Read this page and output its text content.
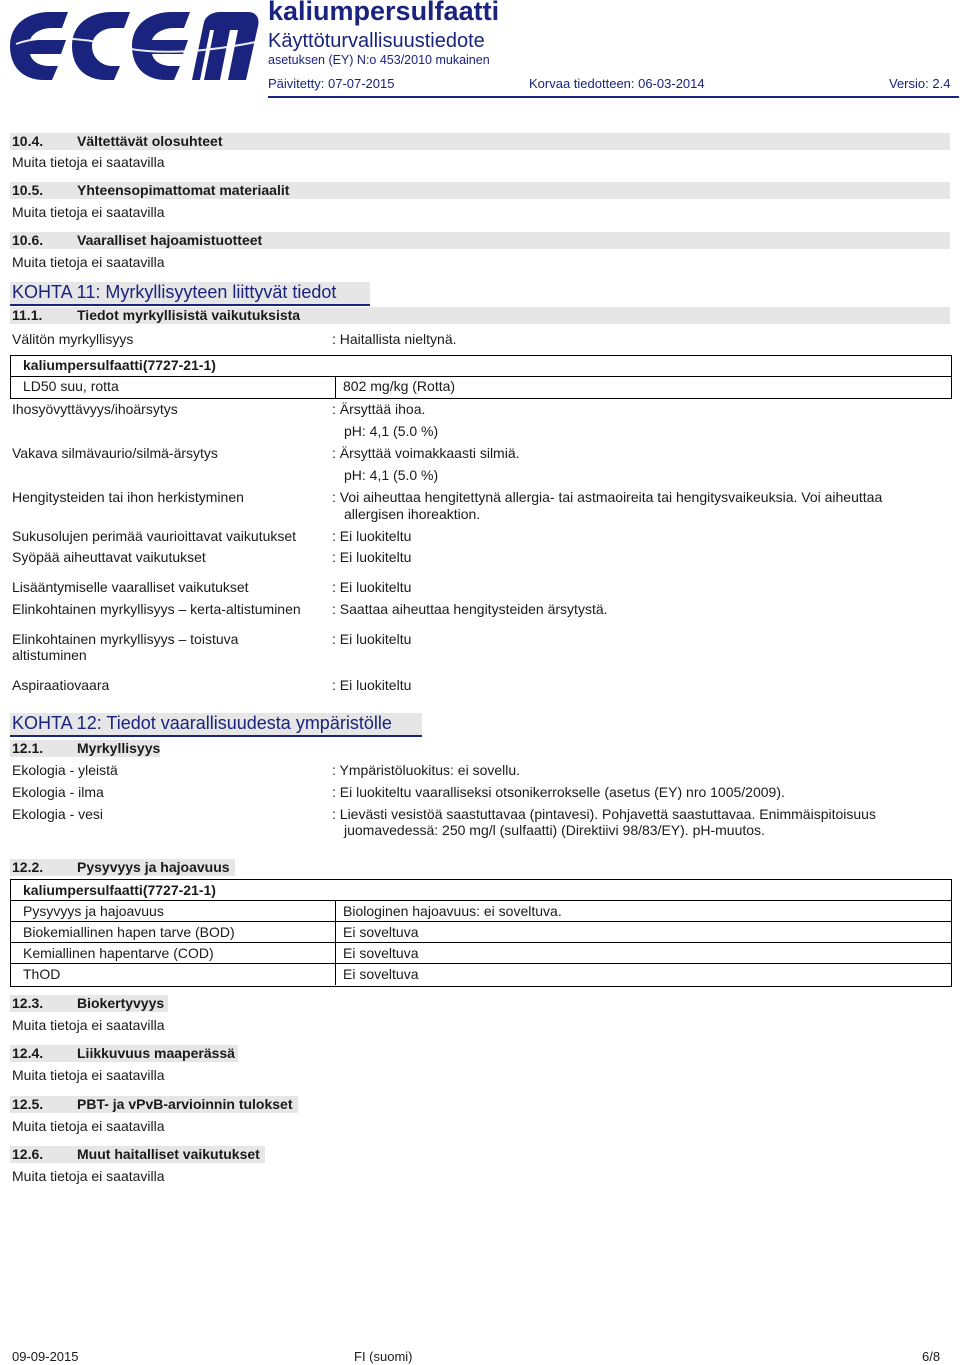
kaliumpersulfaatti
Käyttöturvallisuustiedote
asetuksen (EY) N:o 453/2010 mukainen
Päivitetty: 07-07-2015	Korvaa tiedotteen: 06-03-2014	Versio: 2.4
10.4. Vältettävät olosuhteet
Muita tietoja ei saatavilla
10.5. Yhteensopimattomat materiaalit
Muita tietoja ei saatavilla
10.6. Vaaralliset hajoamistuotteet
Muita tietoja ei saatavilla
KOHTA 11: Myrkyllisyyteen liittyvät tiedot
11.1. Tiedot myrkyllisistä vaikutuksista
Välitön myrkyllisyys	: Haitallista nieltynä.
kaliumpersulfaatti(7727-21-1)
LD50 suu, rotta	802 mg/kg (Rotta)
Ihosyövyttävyys/ihoärsytys	: Ärsyttää ihoa.
pH: 4,1 (5.0 %)
Vakava silmävaurio/silmä-ärsytys	: Ärsyttää voimakkaasti silmiä.
pH: 4,1 (5.0 %)
Hengitysteiden tai ihon herkistyminen	: Voi aiheuttaa hengitettynä allergia- tai astmaoireita tai hengitysvaikeuksia. Voi aiheuttaa
allergisen ihoreaktion.
Sukusolujen perimää vaurioittavat vaikutukset	: Ei luokiteltu
Syöpää aiheuttavat vaikutukset	: Ei luokiteltu
Lisääntymiselle vaaralliset vaikutukset	: Ei luokiteltu
Elinkohtainen myrkyllisyys – kerta-altistuminen : Saattaa aiheuttaa hengitysteiden ärsytystä.
Elinkohtainen myrkyllisyys – toistuva
altistuminen
: Ei luokiteltu
Aspiraatiovaara	: Ei luokiteltu
KOHTA 12: Tiedot vaarallisuudesta ympäristölle
12.1. Myrkyllisyys
Ekologia - yleistä	: Ympäristöluokitus: ei sovellu.
Ekologia - ilma	: Ei luokiteltu vaaralliseksi otsonikerrokselle (asetus (EY) nro 1005/2009).
Ekologia - vesi	: Lievästi vesistöä saastuttavaa (pintavesi). Pohjavettä saastuttavaa. Enimmäispitoisuus
juomavedessä: 250 mg/l (sulfaatti) (Direktiivi 98/83/EY). pH-muutos.
12.2. Pysyvyys ja hajoavuus
kaliumpersulfaatti(7727-21-1)
Pysyvyys ja hajoavuus	Biologinen hajoavuus: ei soveltuva.
Biokemiallinen hapen tarve (BOD)	Ei soveltuva
Kemiallinen hapentarve (COD)	Ei soveltuva
ThOD	Ei soveltuva
12.3. Biokertyvyys
Muita tietoja ei saatavilla
12.4. Liikkuvuus maaperässä
Muita tietoja ei saatavilla
12.5. PBT- ja vPvB-arvioinnin tulokset
Muita tietoja ei saatavilla
12.6. Muut haitalliset vaikutukset
Muita tietoja ei saatavilla
09-09-2015	FI (suomi)	6/8
